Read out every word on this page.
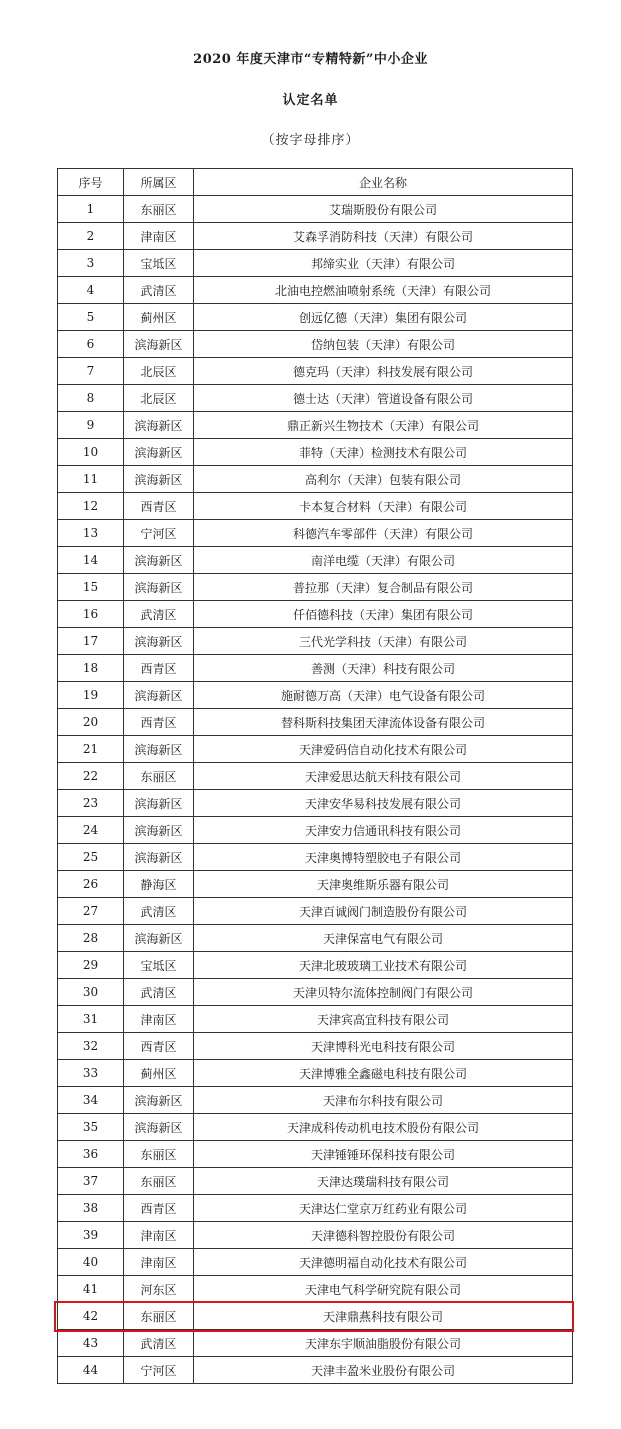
2020 年度天津市“专精特新”中小企业
认定名单
（按字母排序）
序号	所属区	企业名称
1	东丽区	艾瑞斯股份有限公司
2	津南区	艾森孚消防科技（天津）有限公司
3	宝坻区	邦缔实业（天津）有限公司
4	武清区	北油电控燃油喷射系统（天津）有限公司
5	蓟州区	创远亿德（天津）集团有限公司
6	滨海新区	岱纳包装（天津）有限公司
7	北辰区	德克玛（天津）科技发展有限公司
8	北辰区	德士达（天津）管道设备有限公司
9	滨海新区	鼎正新兴生物技术（天津）有限公司
10	滨海新区	菲特（天津）检测技术有限公司
11	滨海新区	高利尔（天津）包装有限公司
12	西青区	卡本复合材料（天津）有限公司
13	宁河区	科德汽车零部件（天津）有限公司
14	滨海新区	南洋电缆（天津）有限公司
15	滨海新区	普拉那（天津）复合制品有限公司
16	武清区	仟佰德科技（天津）集团有限公司
17	滨海新区	三代光学科技（天津）有限公司
18	西青区	善测（天津）科技有限公司
19	滨海新区	施耐德万高（天津）电气设备有限公司
20	西青区	替科斯科技集团天津流体设备有限公司
21	滨海新区	天津爱码信自动化技术有限公司
22	东丽区	天津爱思达航天科技有限公司
23	滨海新区	天津安华易科技发展有限公司
24	滨海新区	天津安力信通讯科技有限公司
25	滨海新区	天津奥博特塑胶电子有限公司
26	静海区	天津奥维斯乐器有限公司
27	武清区	天津百诚阀门制造股份有限公司
28	滨海新区	天津保富电气有限公司
29	宝坻区	天津北玻玻璃工业技术有限公司
30	武清区	天津贝特尔流体控制阀门有限公司
31	津南区	天津宾高宜科技有限公司
32	西青区	天津博科光电科技有限公司
33	蓟州区	天津博雅全鑫磁电科技有限公司
34	滨海新区	天津布尔科技有限公司
35	滨海新区	天津成科传动机电技术股份有限公司
36	东丽区	天津锤锤环保科技有限公司
37	东丽区	天津达璞瑞科技有限公司
38	西青区	天津达仁堂京万红药业有限公司
39	津南区	天津德科智控股份有限公司
40	津南区	天津德明福自动化技术有限公司
41	河东区	天津电气科学研究院有限公司
42	东丽区	天津鼎燕科技有限公司
43	武清区	天津东宇顺油脂股份有限公司
44	宁河区	天津丰盈米业股份有限公司
